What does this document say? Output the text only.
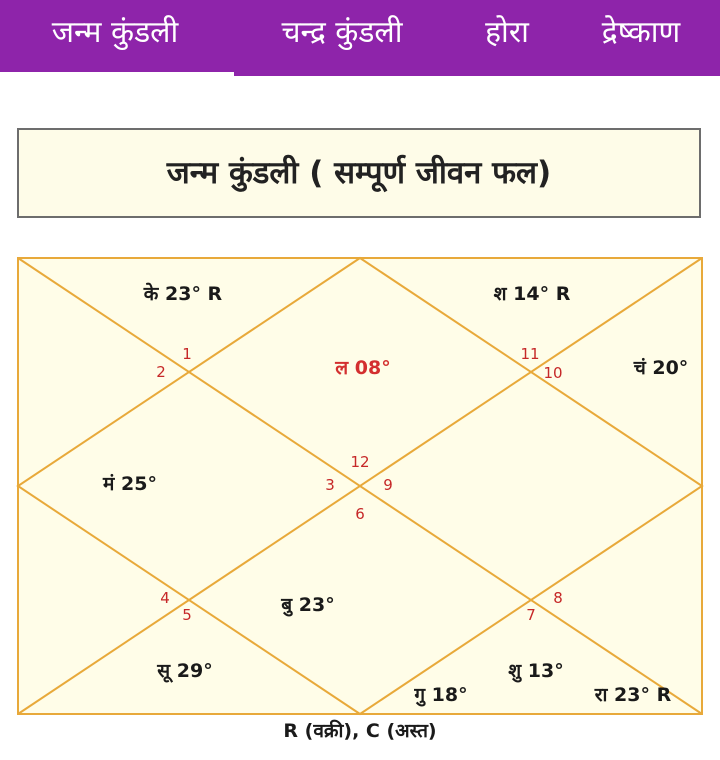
जन्म कुंडली	चन्द्र कुंडली	होरा	द्रेष्काण
जन्म कुंडली ( सम्पूर्ण जीवन फल)
1
2
3
4
5
6
7
8
9
10
11
12
ल 08°
के 23° R
मं 25°
सू 29°
बु 23°
गु 18°	रा 23° R
शु 13°
चं 20°
श 14° R
R (वक्री), C (अस्त)
